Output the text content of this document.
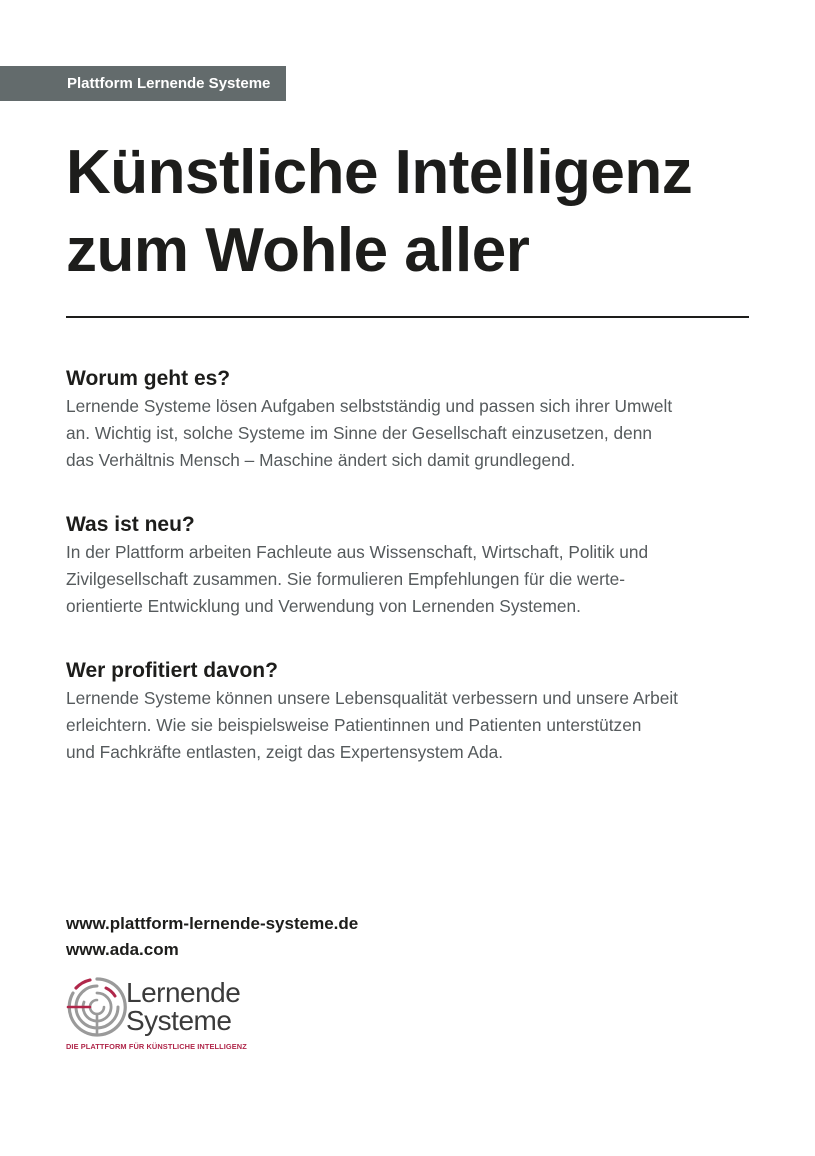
Plattform Lernende Systeme
Künstliche Intelligenz
zum Wohle aller
Worum geht es?

Lernende Systeme lösen Aufgaben selbstständig und passen sich ihrer Umwelt
an. Wichtig ist, solche Systeme im Sinne der Gesellschaft einzusetzen, denn
das Verhältnis Mensch – Maschine ändert sich damit grundlegend.

Was ist neu?

In der Plattform arbeiten Fachleute aus Wissenschaft, Wirtschaft, Politik und
Zivilgesellschaft zusammen. Sie formulieren Empfehlungen für die werte-
orientierte Entwicklung und Verwendung von Lernenden Systemen.

Wer profitiert davon?

Lernende Systeme können unsere Lebensqualität verbessern und unsere Arbeit
erleichtern. Wie sie beispielsweise Patientinnen und Patienten unterstützen
und Fachkräfte entlasten, zeigt das Expertensystem Ada.

www.plattform-lernende-systeme.de
www.ada.com
Lernende
Systeme
DIE PLATTFORM FÜR KÜNSTLICHE INTELLIGENZ
